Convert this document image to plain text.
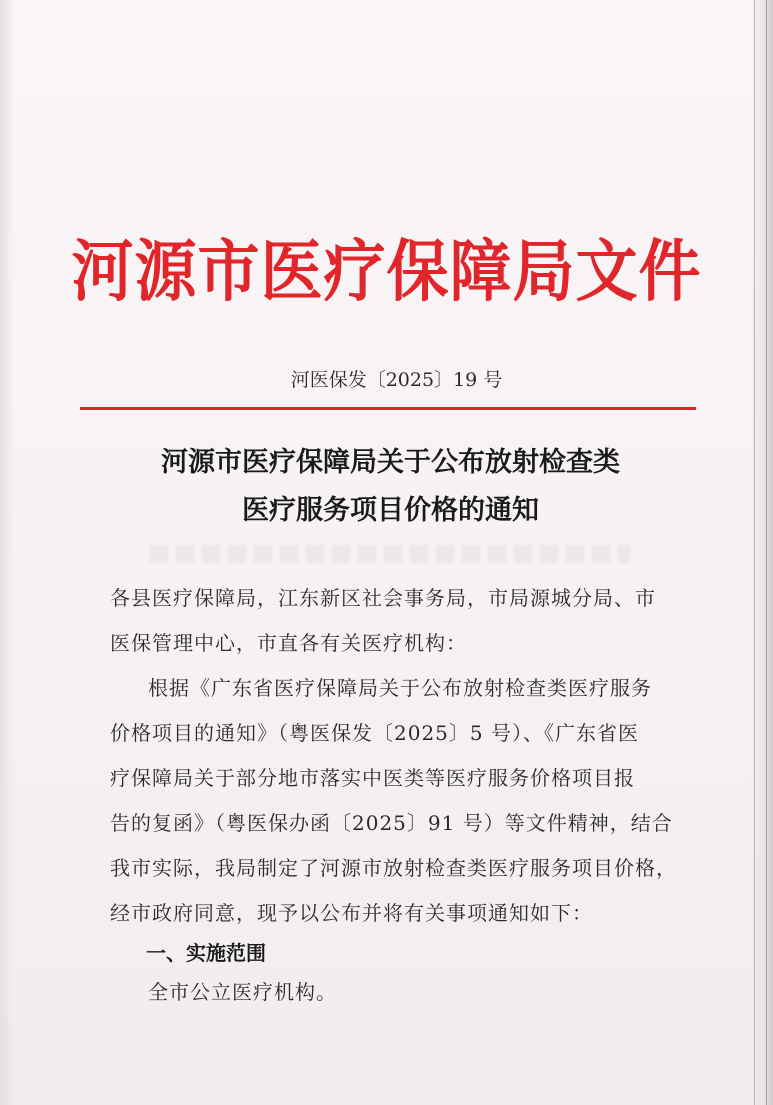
河源市医疗保障局文件
河医保发〔2025〕19 号
河源市医疗保障局关于公布放射检查类
医疗服务项目价格的通知
各县医疗保障局，江东新区社会事务局，市局源城分局、市
医保管理中心，市直各有关医疗机构：
根据《广东省医疗保障局关于公布放射检查类医疗服务
价格项目的通知》（粤医保发〔2025〕5 号）、《广东省医
疗保障局关于部分地市落实中医类等医疗服务价格项目报
告的复函》（粤医保办函〔2025〕91 号）等文件精神，结合
我市实际，我局制定了河源市放射检查类医疗服务项目价格，
经市政府同意，现予以公布并将有关事项通知如下：
一、实施范围
全市公立医疗机构。
